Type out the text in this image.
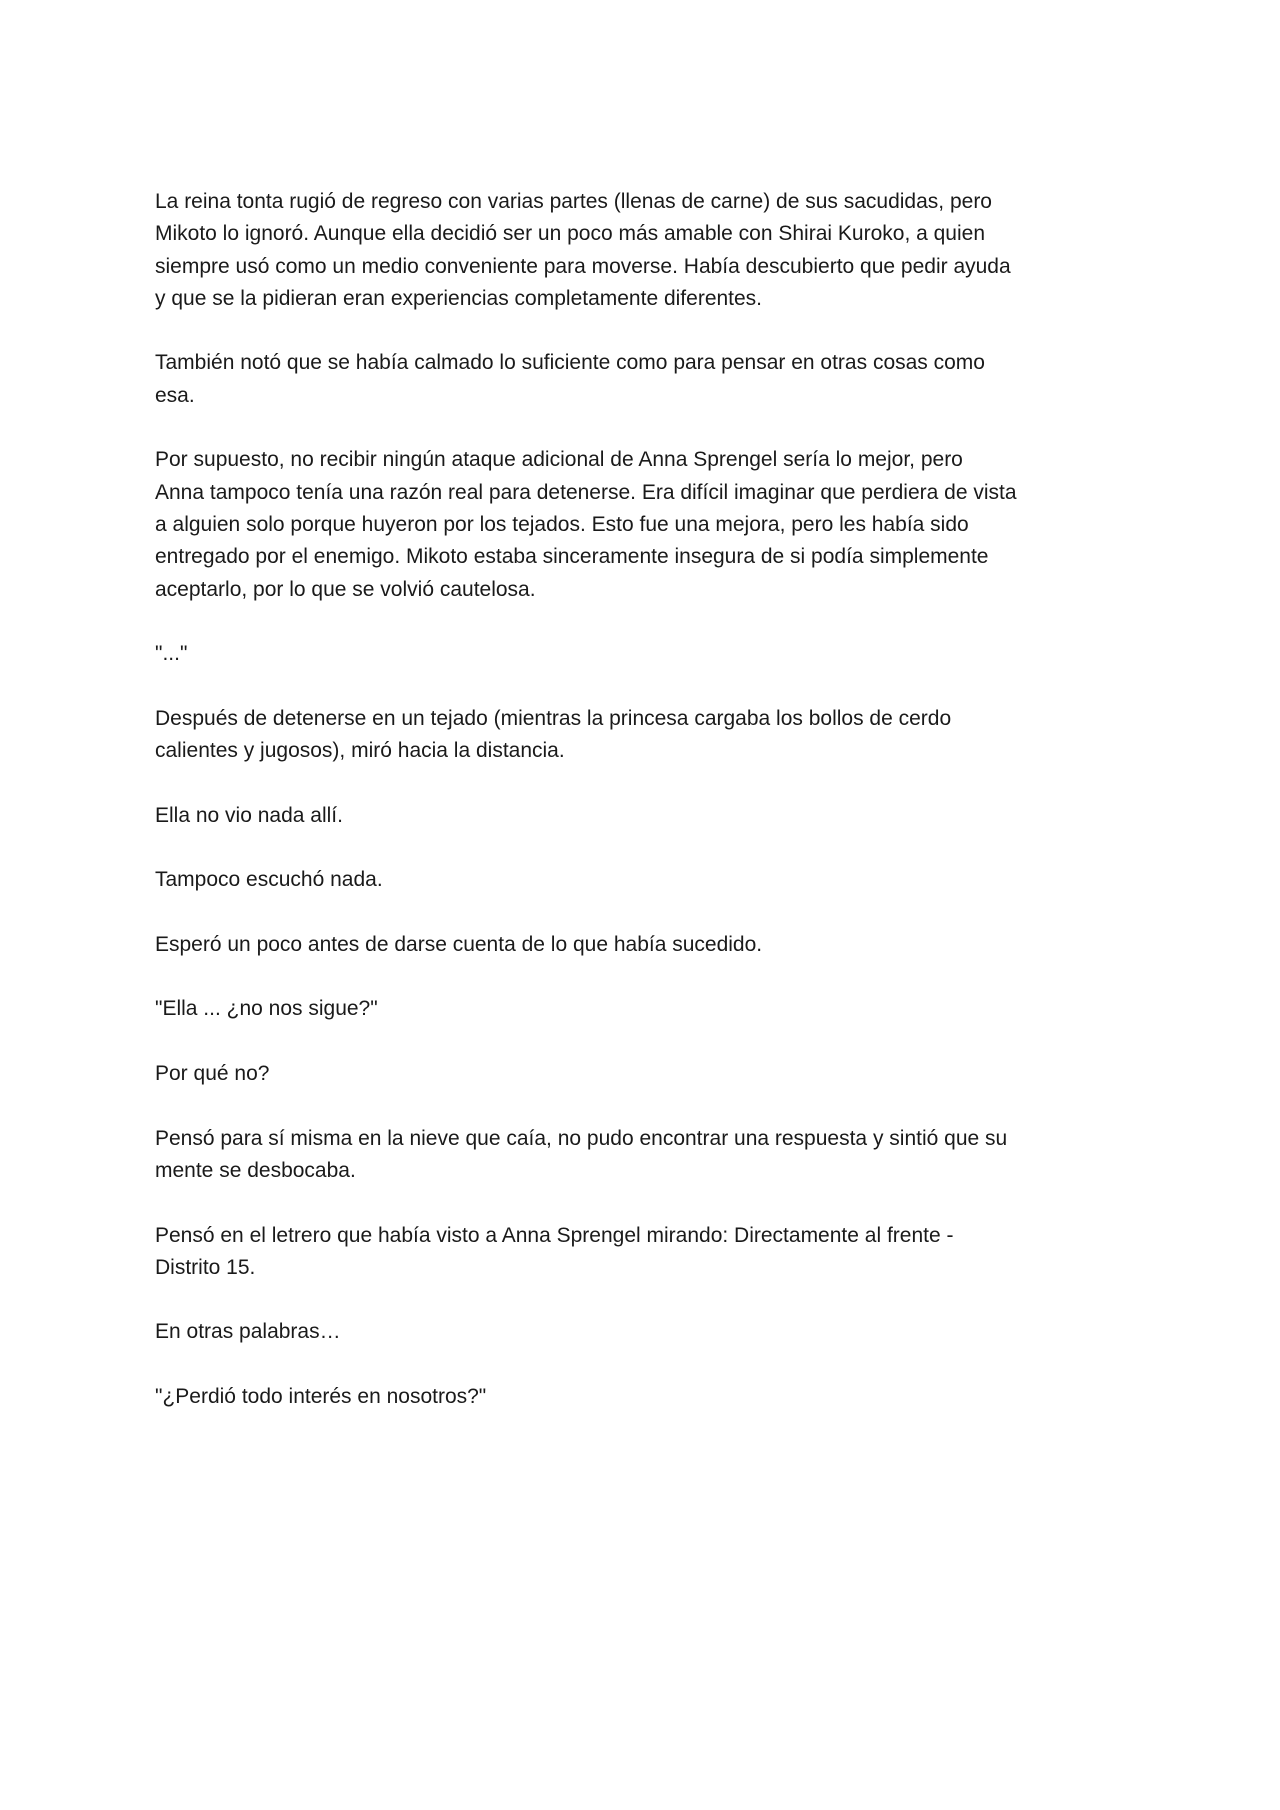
La reina tonta rugió de regreso con varias partes (llenas de carne) de sus sacudidas, pero
Mikoto lo ignoró. Aunque ella decidió ser un poco más amable con Shirai Kuroko, a quien
siempre usó como un medio conveniente para moverse. Había descubierto que pedir ayuda
y que se la pidieran eran experiencias completamente diferentes.

También notó que se había calmado lo suficiente como para pensar en otras cosas como
esa.

Por supuesto, no recibir ningún ataque adicional de Anna Sprengel sería lo mejor, pero
Anna tampoco tenía una razón real para detenerse. Era difícil imaginar que perdiera de vista
a alguien solo porque huyeron por los tejados. Esto fue una mejora, pero les había sido
entregado por el enemigo. Mikoto estaba sinceramente insegura de si podía simplemente
aceptarlo, por lo que se volvió cautelosa.

"..."

Después de detenerse en un tejado (mientras la princesa cargaba los bollos de cerdo
calientes y jugosos), miró hacia la distancia.

Ella no vio nada allí.

Tampoco escuchó nada.

Esperó un poco antes de darse cuenta de lo que había sucedido.

"Ella ... ¿no nos sigue?"

Por qué no?

Pensó para sí misma en la nieve que caía, no pudo encontrar una respuesta y sintió que su
mente se desbocaba.

Pensó en el letrero que había visto a Anna Sprengel mirando: Directamente al frente -
Distrito 15.

En otras palabras…

"¿Perdió todo interés en nosotros?"
